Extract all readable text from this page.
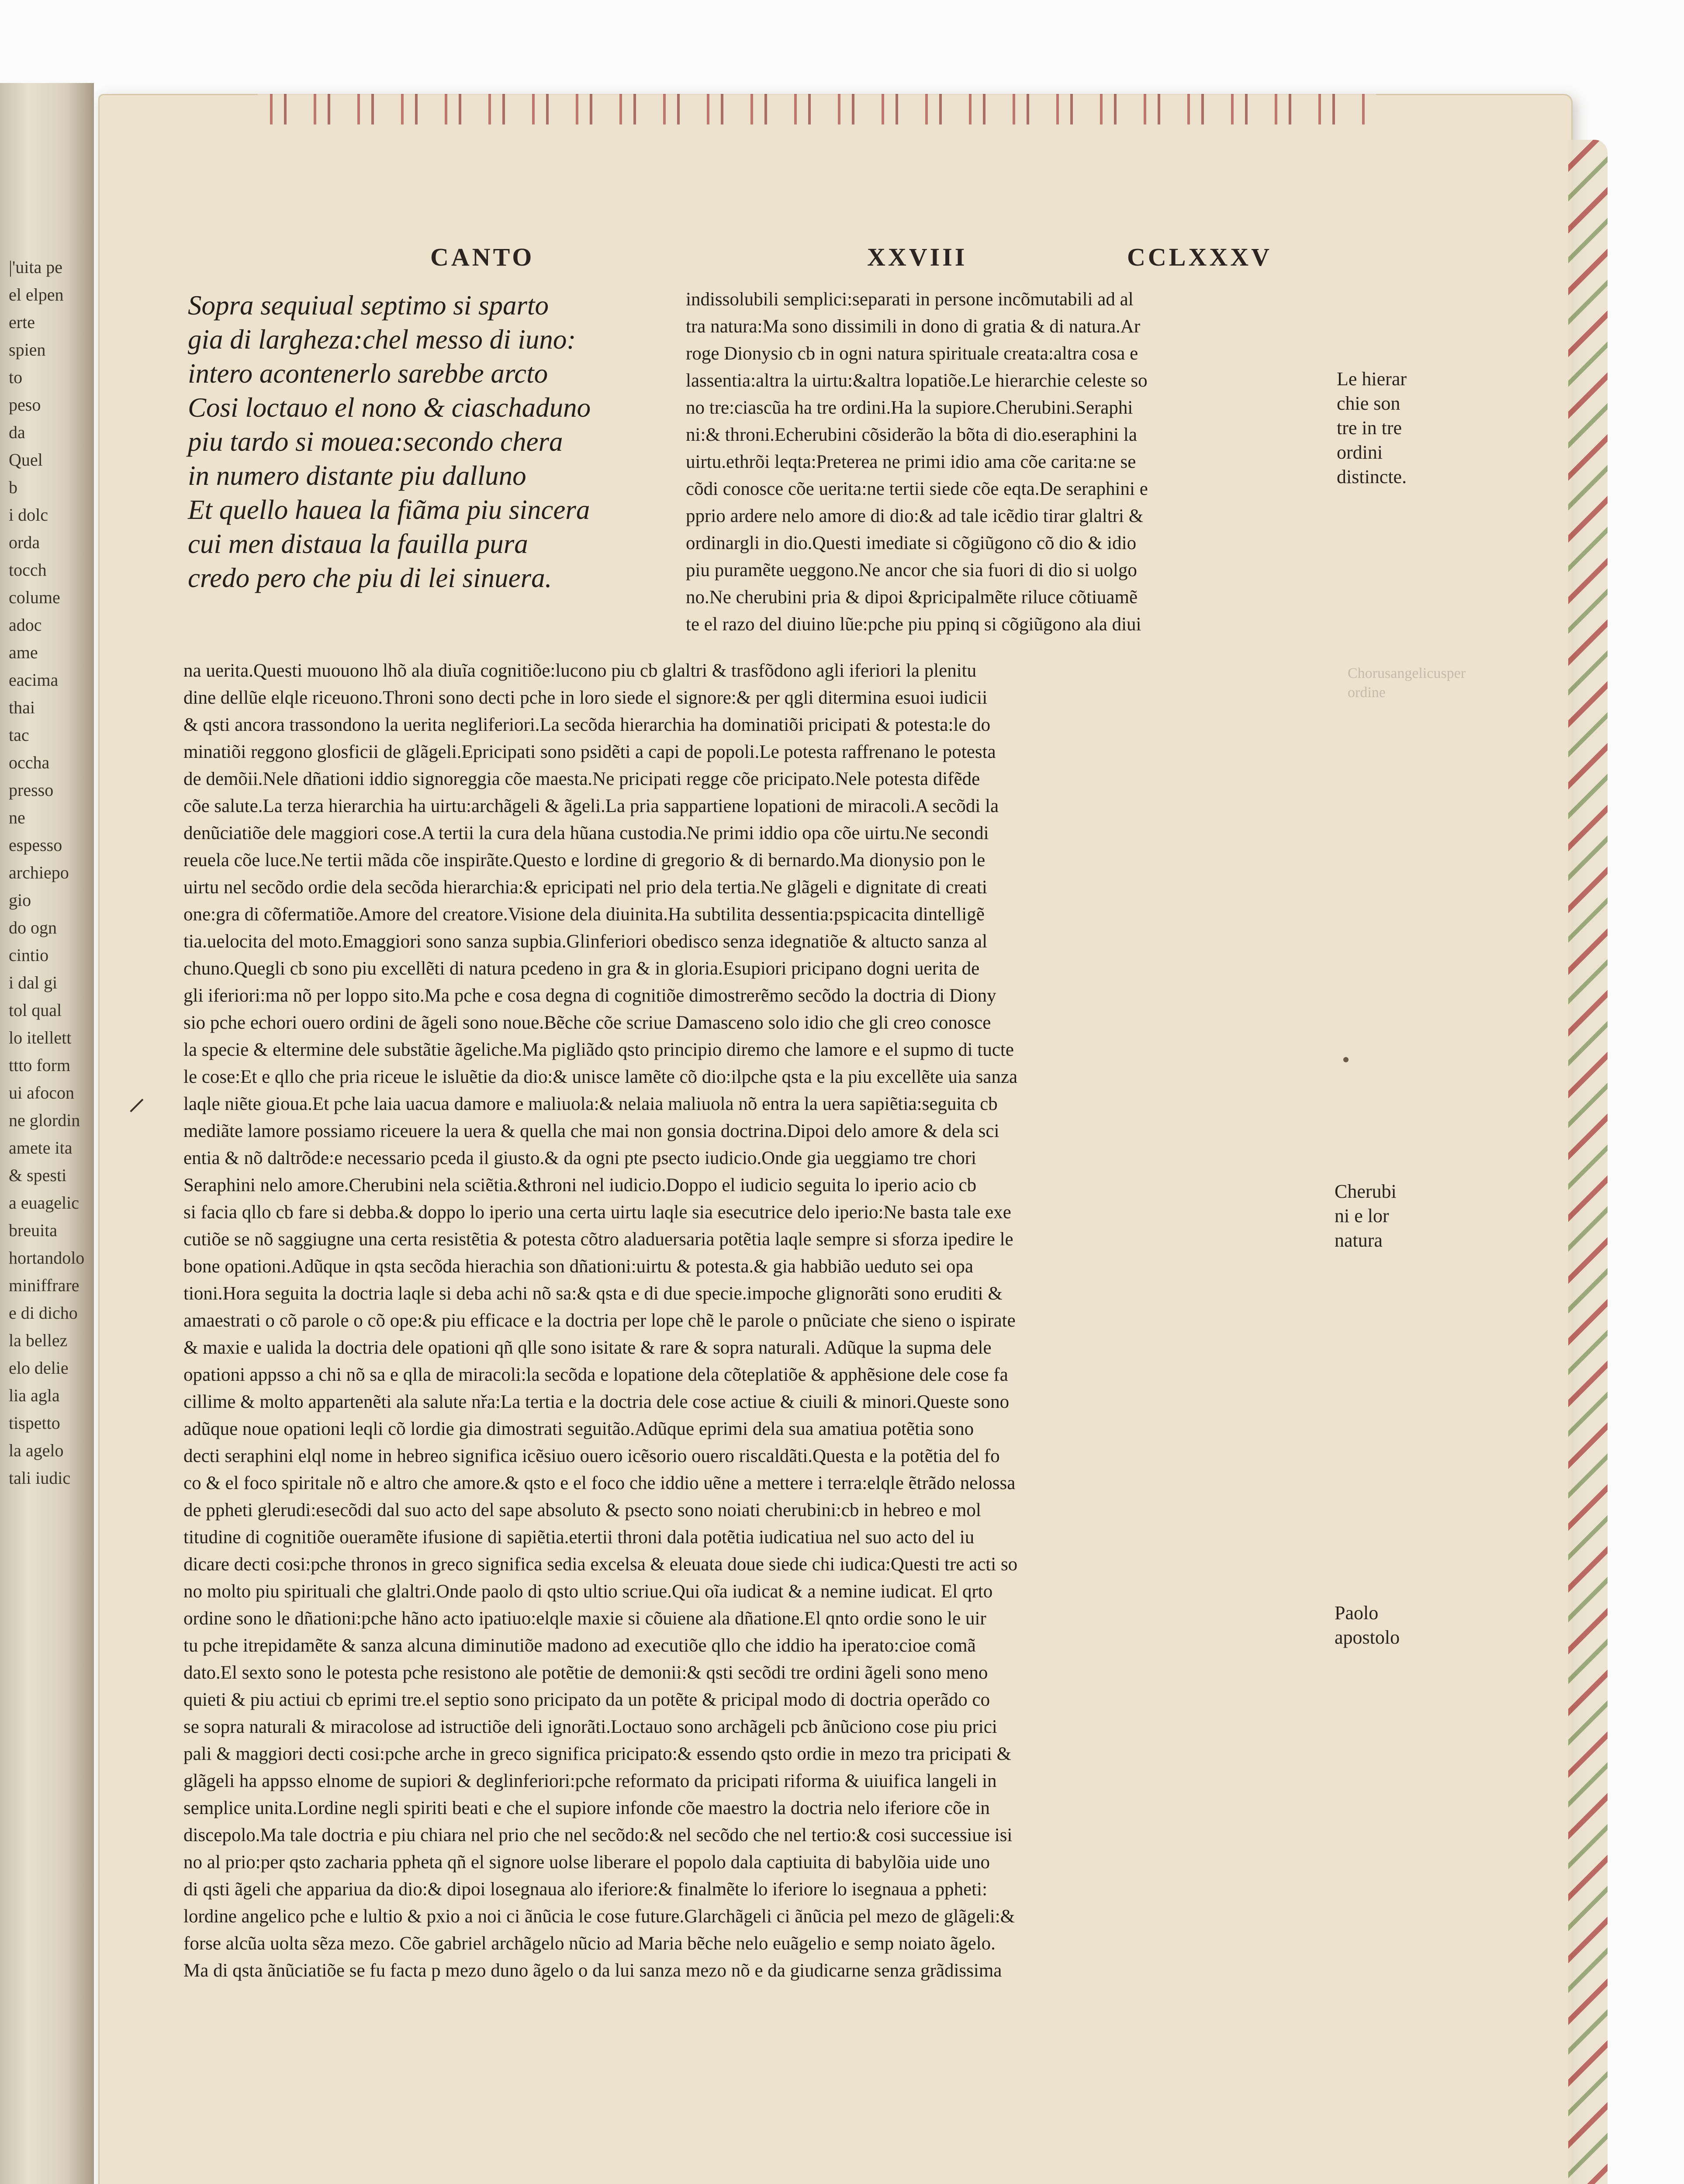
|'uita pe
el elpen
erte
spien
to
peso
da
Quel
b
i dolc
orda
tocch
colume
adoc
ame
eacima
thai
tac
occha
presso
ne
espesso
archiepo
gio
do ogn
cintio
i dal gi
tol qual
lo itellett
ttto form
ui afocon
ne glordin
amete ita
& spesti
a euagelic
breuita
hortandolo
miniffrare
e di dicho
la bellez
elo delie
lia agla
tispetto
la agelo
tali iudic
CANTO	XXVIII	CCLXXXV
Sopra sequiual septimo si sparto
gia di largheza:chel messo di iuno:
intero acontenerlo sarebbe arcto
Cosi loctauo el nono & ciaschaduno
piu tardo si mouea:secondo chera
in numero distante piu dalluno
Et quello hauea la fiãma piu sincera
cui men distaua la fauilla pura
credo pero che piu di lei sinuera.
indissolubili semplici:separati in persone incõmutabili ad al
tra natura:Ma sono dissimili in dono di gratia & di natura.Ar
roge Dionysio cb in ogni natura spirituale creata:altra cosa e
lassentia:altra la uirtu:&altra lopatiõe.Le hierarchie celeste so
no tre:ciascũa ha tre ordini.Ha la supiore.Cherubini.Seraphi
ni:& throni.Echerubini cõsiderão la bõta di dio.eseraphini la
uirtu.ethrõi leqta:Preterea ne primi idio ama cõe carita:ne se
cõdi conosce cõe uerita:ne tertii siede cõe eqta.De seraphini e
pprio ardere nelo amore di dio:& ad tale icẽdio tirar glaltri &
ordinargli in dio.Questi imediate si cõgiũgono cõ dio & idio
piu puramẽte ueggono.Ne ancor che sia fuori di dio si uolgo
no.Ne cherubini pria & dipoi &pricipalmẽte riluce cõtiuamẽ
te el razo del diuino lũe:pche piu ppinq si cõgiũgono ala diui
na uerita.Questi muouono lhõ ala diuĩa cognitiõe:lucono piu cb glaltri & trasfõdono agli iferiori la plenitu
dine dellũe elqle riceuono.Throni sono decti pche in loro siede el signore:& per qgli ditermina esuoi iudicii
& qsti ancora trassondono la uerita negliferiori.La secõda hierarchia ha dominatiõi pricipati & potesta:le do
minatiõi reggono glosficii de glãgeli.Epricipati sono psidẽti a capi de popoli.Le potesta raffrenano le potesta
de demõii.Nele dñationi iddio signoreggia cõe maesta.Ne pricipati regge cõe pricipato.Nele potesta difẽde
cõe salute.La terza hierarchia ha uirtu:archãgeli & ãgeli.La pria sappartiene lopationi de miracoli.A secõdi la
denũciatiõe dele maggiori cose.A tertii la cura dela hũana custodia.Ne primi iddio opa cõe uirtu.Ne secondi
reuela cõe luce.Ne tertii mãda cõe inspirãte.Questo e lordine di gregorio & di bernardo.Ma dionysio pon le
uirtu nel secõdo ordie dela secõda hierarchia:& epricipati nel prio dela tertia.Ne glãgeli e dignitate di creati
one:gra di cõfermatiõe.Amore del creatore.Visione dela diuinita.Ha subtilita dessentia:pspicacita dintelligẽ
tia.uelocita del moto.Emaggiori sono sanza supbia.Glinferiori obedisco senza idegnatiõe & altucto sanza al
chuno.Quegli cb sono piu excellẽti di natura pcedeno in gra & in gloria.Esupiori pricipano dogni uerita de
gli iferiori:ma nõ per loppo sito.Ma pche e cosa degna di cognitiõe dimostrerẽmo secõdo la doctria di Diony
sio pche echori ouero ordini de ãgeli sono noue.Bẽche cõe scriue Damasceno solo idio che gli creo conosce
la specie & eltermine dele substãtie ãgeliche.Ma pigliãdo qsto principio diremo che lamore e el supmo di tucte
le cose:Et e qllo che pria riceue le isluẽtie da dio:& unisce lamẽte cõ dio:ilpche qsta e la piu excellẽte uia sanza
laqle niẽte gioua.Et pche laia uacua damore e maliuola:& nelaia maliuola nõ entra la uera sapiẽtia:seguita cb
mediãte lamore possiamo riceuere la uera & quella che mai non gonsia doctrina.Dipoi delo amore & dela sci
entia & nõ daltrõde:e necessario pceda il giusto.& da ogni pte psecto iudicio.Onde gia ueggiamo tre chori
Seraphini nelo amore.Cherubini nela sciẽtia.&throni nel iudicio.Doppo el iudicio seguita lo iperio acio cb
si facia qllo cb fare si debba.& doppo lo iperio una certa uirtu laqle sia esecutrice delo iperio:Ne basta tale exe
cutiõe se nõ saggiugne una certa resistẽtia & potesta cõtro aladuersaria potẽtia laqle sempre si sforza ipedire le
bone opationi.Adũque in qsta secõda hierachia son dñationi:uirtu & potesta.& gia habbião ueduto sei opa
tioni.Hora seguita la doctria laqle si deba achi nõ sa:& qsta e di due specie.impoche glignorãti sono eruditi &
amaestrati o cõ parole o cõ ope:& piu efficace e la doctria per lope chẽ le parole o pnũciate che sieno o ispirate
& maxie e ualida la doctria dele opationi qñ qlle sono isitate & rare & sopra naturali. Adũque la supma dele
opationi appsso a chi nõ sa e qlla de miracoli:la secõda e lopatione dela cõteplatiõe & apphẽsione dele cose fa
cillime & molto appartenẽti ala salute nřa:La tertia e la doctria dele cose actiue & ciuili & minori.Queste sono
adũque noue opationi leqli cõ lordie gia dimostrati seguitão.Adũque eprimi dela sua amatiua potẽtia sono
decti seraphini elql nome in hebreo significa icẽsiuo ouero icẽsorio ouero riscaldãti.Questa e la potẽtia del fo
co & el foco spiritale nõ e altro che amore.& qsto e el foco che iddio uẽne a mettere i terra:elqle ẽtrãdo nelossa
de ppheti glerudi:esecõdi dal suo acto del sape absoluto & psecto sono noiati cherubini:cb in hebreo e mol
titudine di cognitiõe oueramẽte ifusione di sapiẽtia.etertii throni dala potẽtia iudicatiua nel suo acto del iu
dicare decti cosi:pche thronos in greco significa sedia excelsa & eleuata doue siede chi iudica:Questi tre acti so
no molto piu spirituali che glaltri.Onde paolo di qsto ultio scriue.Qui oĩa iudicat & a nemine iudicat. El qrto
ordine sono le dñationi:pche hãno acto ipatiuo:elqle maxie si cõuiene ala dñatione.El qnto ordie sono le uir
tu pche itrepidamẽte & sanza alcuna diminutiõe madono ad executiõe qllo che iddio ha iperato:cioe comã
dato.El sexto sono le potesta pche resistono ale potẽtie de demonii:& qsti secõdi tre ordini ãgeli sono meno
quieti & piu actiui cb eprimi tre.el septio sono pricipato da un potẽte & pricipal modo di doctria operãdo co
se sopra naturali & miracolose ad istructiõe deli ignorãti.Loctauo sono archãgeli pcb ãnũciono cose piu prici
pali & maggiori decti cosi:pche arche in greco significa pricipato:& essendo qsto ordie in mezo tra pricipati &
glãgeli ha appsso elnome de supiori & deglinferiori:pche reformato da pricipati riforma & uiuifica langeli in
semplice unita.Lordine negli spiriti beati e che el supiore infonde cõe maestro la doctria nelo iferiore cõe in
discepolo.Ma tale doctria e piu chiara nel prio che nel secõdo:& nel secõdo che nel tertio:& cosi successiue isi
no al prio:per qsto zacharia ppheta qñ el signore uolse liberare el popolo dala captiuita di babylõia uide uno
di qsti ãgeli che appariua da dio:& dipoi losegnaua alo iferiore:& finalmẽte lo iferiore lo isegnaua a ppheti:
lordine angelico pche e lultio & pxio a noi ci ãnũcia le cose future.Glarchãgeli ci ãnũcia pel mezo de glãgeli:&
forse alcũa uolta sẽza mezo. Cõe gabriel archãgelo nũcio ad Maria bẽche nelo euãgelio e semp noiato ãgelo.
Ma di qsta ãnũciatiõe se fu facta p mezo duno ãgelo o da lui sanza mezo nõ e da giudicarne senza grãdissima
Le hierar
chie son
tre in tre
ordini
distincte.
Cherubi
ni e lor
natura
Paolo
apostolo
Chorusangelicusper ordine
